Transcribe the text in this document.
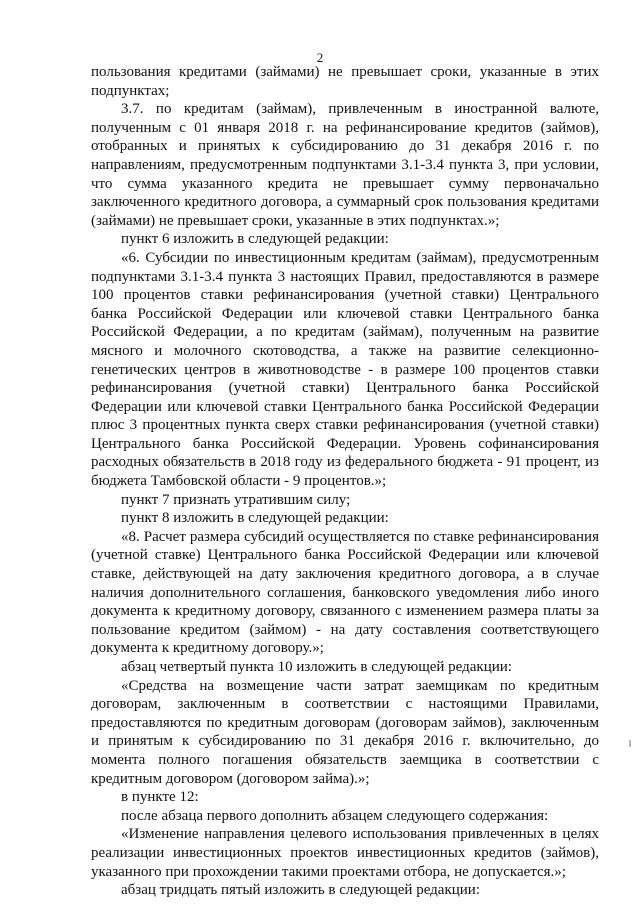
2

пользования кредитами (займами) не превышает сроки, указанные в этих подпунктах;

3.7. по кредитам (займам), привлеченным в иностранной валюте, полученным с 01 января 2018 г. на рефинансирование кредитов (займов), отобранных и принятых к субсидированию до 31 декабря 2016 г. по направлениям, предусмотренным подпунктами 3.1-3.4 пункта 3, при условии, что сумма указанного кредита не превышает сумму первоначально заключенного кредитного договора, а суммарный срок пользования кредитами (займами) не превышает сроки, указанные в этих подпунктах.»;

пункт 6 изложить в следующей редакции:

«6. Субсидии по инвестиционным кредитам (займам), предусмотренным подпунктами 3.1-3.4 пункта 3 настоящих Правил, предоставляются в размере 100 процентов ставки рефинансирования (учетной ставки) Центрального банка Российской Федерации или ключевой ставки Центрального банка Российской Федерации, а по кредитам (займам), полученным на развитие мясного и молочного скотоводства, а также на развитие селекционно-генетических центров в животноводстве - в размере 100 процентов ставки рефинансирования (учетной ставки) Центрального банка Российской Федерации или ключевой ставки Центрального банка Российской Федерации плюс 3 процентных пункта сверх ставки рефинансирования (учетной ставки) Центрального банка Российской Федерации. Уровень софинансирования расходных обязательств в 2018 году из федерального бюджета - 91 процент, из бюджета Тамбовской области - 9 процентов.»;

пункт 7 признать утратившим силу;

пункт 8 изложить в следующей редакции:

«8. Расчет размера субсидий осуществляется по ставке рефинансирования (учетной ставке) Центрального банка Российской Федерации или ключевой ставке, действующей на дату заключения кредитного договора, а в случае наличия дополнительного соглашения, банковского уведомления либо иного документа к кредитному договору, связанного с изменением размера платы за пользование кредитом (займом) - на дату составления соответствующего документа к кредитному договору.»;

абзац четвертый пункта 10 изложить в следующей редакции:

«Средства на возмещение части затрат заемщикам по кредитным договорам, заключенным в соответствии с настоящими Правилами, предоставляются по кредитным договорам (договорам займов), заключенным и принятым к субсидированию по 31 декабря 2016 г. включительно, до момента полного погашения обязательств заемщика в соответствии с кредитным договором (договором займа).»;

в пункте 12:

после абзаца первого дополнить абзацем следующего содержания:

«Изменение направления целевого использования привлеченных в целях реализации инвестиционных проектов инвестиционных кредитов (займов), указанного при прохождении такими проектами отбора, не допускается.»;

абзац тридцать пятый изложить в следующей редакции:
